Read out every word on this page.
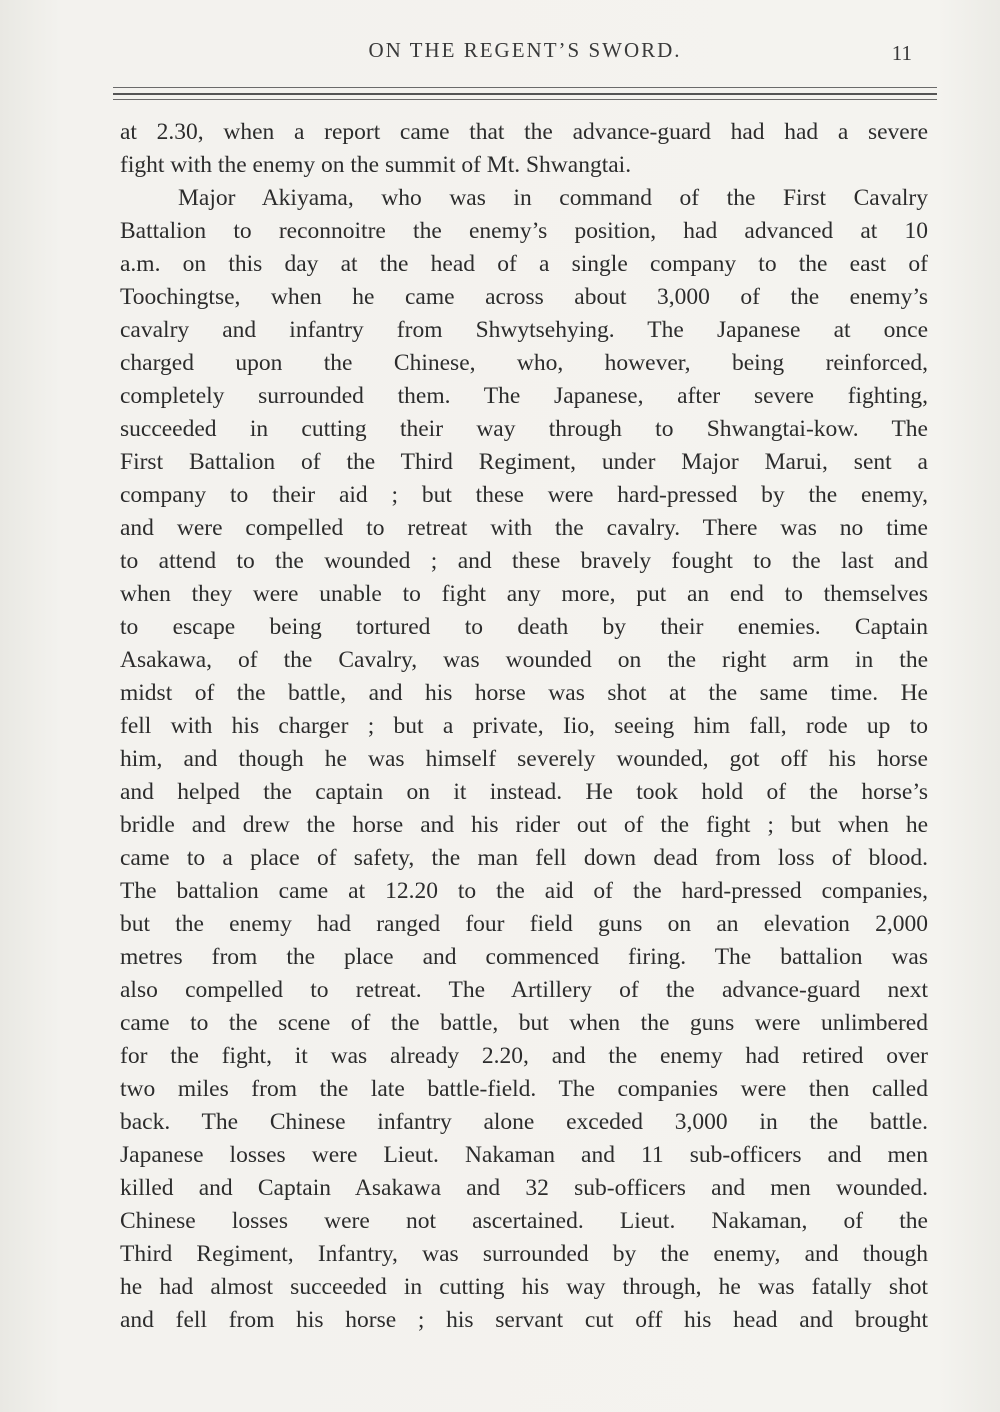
ON THE REGENT’S SWORD.	11
at 2.30, when a report came that the advance-guard had had a severe
fight with the enemy on the summit of Mt. Shwangtai.
Major Akiyama, who was in command of the First Cavalry
Battalion to reconnoitre the enemy’s position, had advanced at 10
a.m. on this day at the head of a single company to the east of
Toochingtse, when he came across about 3,000 of the enemy’s
cavalry and infantry from Shwytsehying. The Japanese at once
charged upon the Chinese, who, however, being reinforced,
completely surrounded them. The Japanese, after severe fighting,
succeeded in cutting their way through to Shwangtai-kow. The
First Battalion of the Third Regiment, under Major Marui, sent a
company to their aid ; but these were hard-pressed by the enemy,
and were compelled to retreat with the cavalry. There was no time
to attend to the wounded ; and these bravely fought to the last and
when they were unable to fight any more, put an end to themselves
to escape being tortured to death by their enemies. Captain
Asakawa, of the Cavalry, was wounded on the right arm in the
midst of the battle, and his horse was shot at the same time. He
fell with his charger ; but a private, Iio, seeing him fall, rode up to
him, and though he was himself severely wounded, got off his horse
and helped the captain on it instead. He took hold of the horse’s
bridle and drew the horse and his rider out of the fight ; but when he
came to a place of safety, the man fell down dead from loss of blood.
The battalion came at 12.20 to the aid of the hard-pressed companies,
but the enemy had ranged four field guns on an elevation 2,000
metres from the place and commenced firing. The battalion was
also compelled to retreat. The Artillery of the advance-guard next
came to the scene of the battle, but when the guns were unlimbered
for the fight, it was already 2.20, and the enemy had retired over
two miles from the late battle-field. The companies were then called
back. The Chinese infantry alone exceded 3,000 in the battle.
Japanese losses were Lieut. Nakaman and 11 sub-officers and men
killed and Captain Asakawa and 32 sub-officers and men wounded.
Chinese losses were not ascertained. Lieut. Nakaman, of the
Third Regiment, Infantry, was surrounded by the enemy, and though
he had almost succeeded in cutting his way through, he was fatally shot
and fell from his horse ; his servant cut off his head and brought
